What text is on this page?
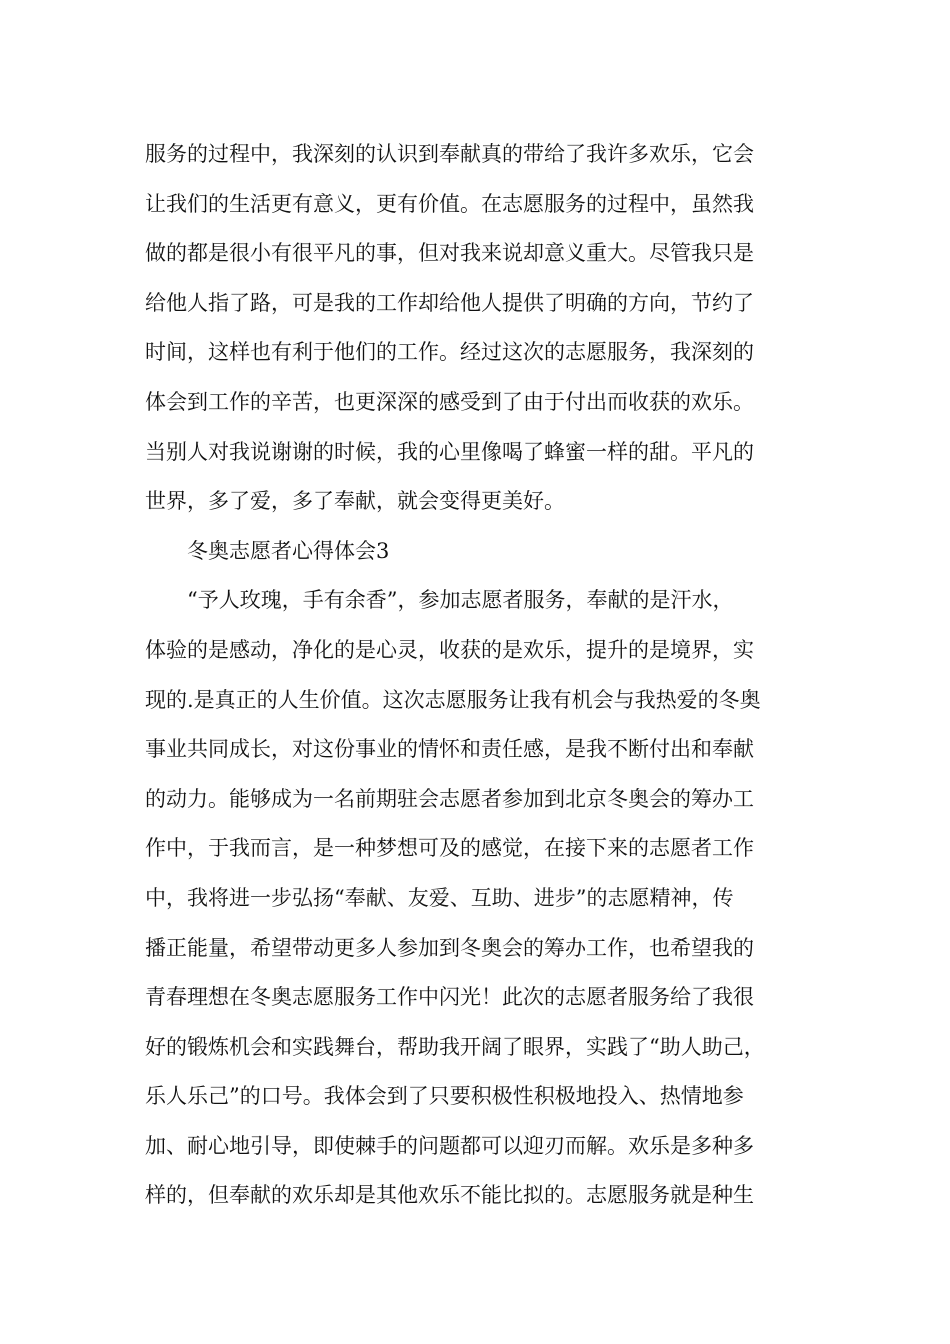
服务的过程中，我深刻的认识到奉献真的带给了我许多欢乐，它会
让我们的生活更有意义，更有价值。在志愿服务的过程中，虽然我
做的都是很小有很平凡的事，但对我来说却意义重大。尽管我只是
给他人指了路，可是我的工作却给他人提供了明确的方向，节约了
时间，这样也有利于他们的工作。经过这次的志愿服务，我深刻的
体会到工作的辛苦，也更深深的感受到了由于付出而收获的欢乐。
当别人对我说谢谢的时候，我的心里像喝了蜂蜜一样的甜。平凡的
世界，多了爱，多了奉献，就会变得更美好。
冬奥志愿者心得体会3
“予人玫瑰，手有余香”，参加志愿者服务，奉献的是汗水，
体验的是感动，净化的是心灵，收获的是欢乐，提升的是境界，实
现的.是真正的人生价值。这次志愿服务让我有机会与我热爱的冬奥
事业共同成长，对这份事业的情怀和责任感，是我不断付出和奉献
的动力。能够成为一名前期驻会志愿者参加到北京冬奥会的筹办工
作中，于我而言，是一种梦想可及的感觉，在接下来的志愿者工作
中，我将进一步弘扬“奉献、友爱、互助、进步”的志愿精神，传
播正能量，希望带动更多人参加到冬奥会的筹办工作，也希望我的
青春理想在冬奥志愿服务工作中闪光！此次的志愿者服务给了我很
好的锻炼机会和实践舞台，帮助我开阔了眼界，实践了“助人助己，
乐人乐己”的口号。我体会到了只要积极性积极地投入、热情地参
加、耐心地引导，即使棘手的问题都可以迎刃而解。欢乐是多种多
样的，但奉献的欢乐却是其他欢乐不能比拟的。志愿服务就是种生
